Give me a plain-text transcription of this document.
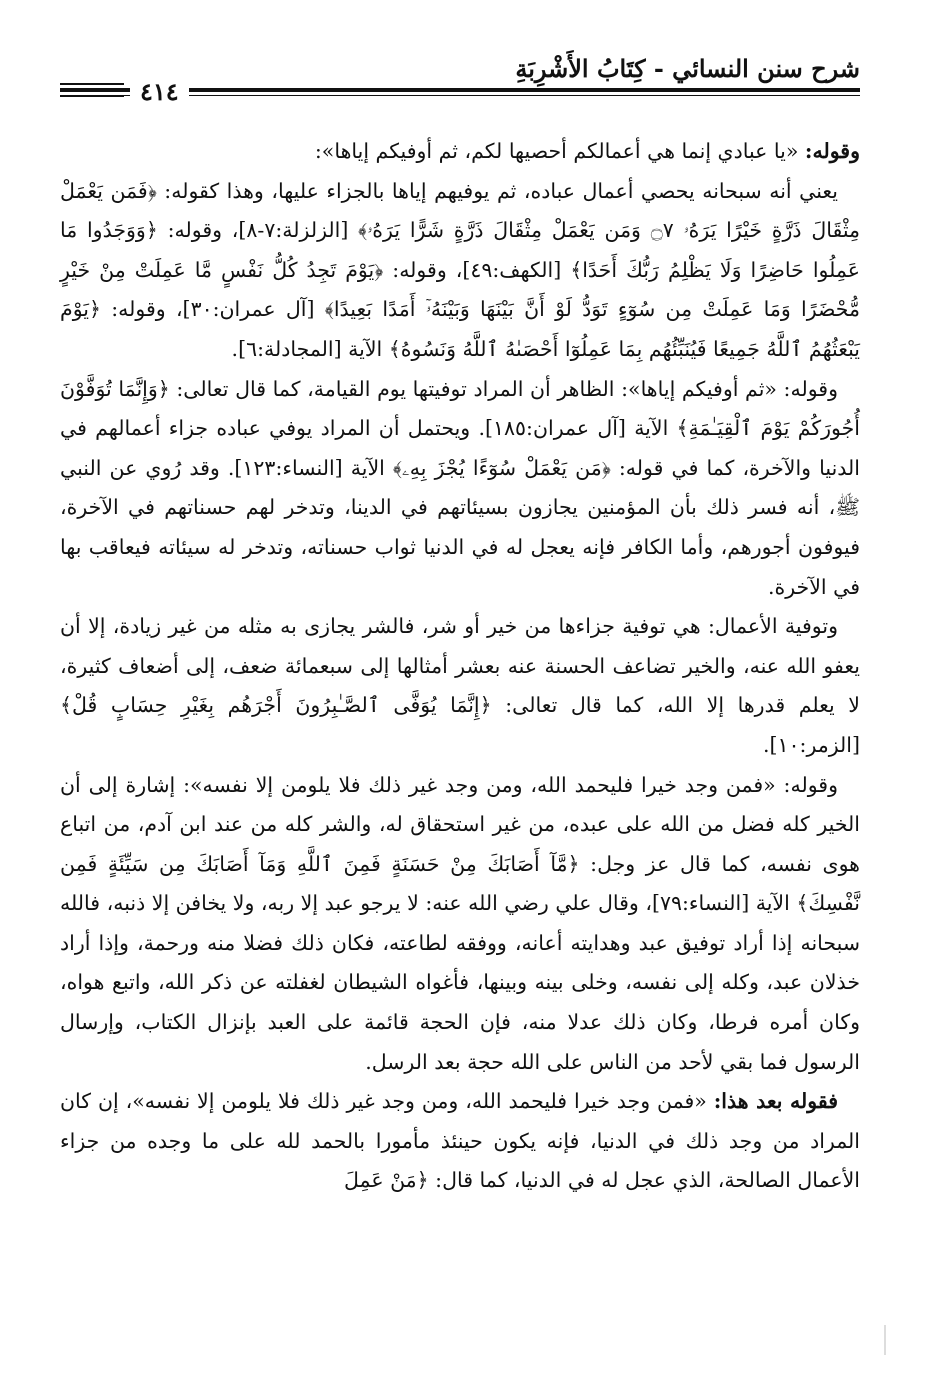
شرح سنن النسائي - كِتَابُ الأَشْرِبَةِ
٤١٤

وقوله: «يا عبادي إنما هي أعمالكم أحصيها لكم، ثم أوفيكم إياها»:

يعني أنه سبحانه يحصي أعمال عباده، ثم يوفيهم إياها بالجزاء عليها، وهذا كقوله: ﴿فَمَن يَعْمَلْ مِثْقَالَ ذَرَّةٍ خَيْرًا يَرَهُۥ ۝٧ وَمَن يَعْمَلْ مِثْقَالَ ذَرَّةٍ شَرًّا يَرَهُۥ﴾ [الزلزلة:٧-٨]، وقوله: ﴿وَوَجَدُوا مَا عَمِلُوا حَاضِرًا وَلَا يَظْلِمُ رَبُّكَ أَحَدًا﴾ [الكهف:٤٩]، وقوله: ﴿يَوْمَ تَجِدُ كُلُّ نَفْسٍ مَّا عَمِلَتْ مِنْ خَيْرٍ مُّحْضَرًا وَمَا عَمِلَتْ مِن سُوٓءٍ تَوَدُّ لَوْ أَنَّ بَيْنَهَا وَبَيْنَهُۥٓ أَمَدًا بَعِيدًا﴾ [آل عمران:٣٠]، وقوله: ﴿يَوْمَ يَبْعَثُهُمُ ٱللَّهُ جَمِيعًا فَيُنَبِّئُهُم بِمَا عَمِلُوٓا أَحْصَىٰهُ ٱللَّهُ وَنَسُوهُ﴾ الآية [المجادلة:٦].

وقوله: «ثم أوفيكم إياها»: الظاهر أن المراد توفيتها يوم القيامة، كما قال تعالى: ﴿وَإِنَّمَا تُوَفَّوْنَ أُجُورَكُمْ يَوْمَ ٱلْقِيَـٰمَةِ﴾ الآية [آل عمران:١٨٥]. ويحتمل أن المراد يوفي عباده جزاء أعمالهم في الدنيا والآخرة، كما في قوله: ﴿مَن يَعْمَلْ سُوٓءًا يُجْزَ بِهِۦ﴾ الآية [النساء:١٢٣]. وقد رُوي عن النبي ﷺ، أنه فسر ذلك بأن المؤمنين يجازون بسيئاتهم في الدينا، وتدخر لهم حسناتهم في الآخرة، فيوفون أجورهم، وأما الكافر فإنه يعجل له في الدنيا ثواب حسناته، وتدخر له سيئاته فيعاقب بها في الآخرة.

وتوفية الأعمال: هي توفية جزاءها من خير أو شر، فالشر يجازى به مثله من غير زيادة، إلا أن يعفو الله عنه، والخير تضاعف الحسنة عنه بعشر أمثالها إلى سبعمائة ضعف، إلى أضعاف كثيرة، لا يعلم قدرها إلا الله، كما قال تعالى: ﴿إِنَّمَا يُوَفَّى ٱلصَّـٰبِرُونَ أَجْرَهُم بِغَيْرِ حِسَابٍ قُلْ﴾ [الزمر:١٠].

وقوله: «فمن وجد خيرا فليحمد الله، ومن وجد غير ذلك فلا يلومن إلا نفسه»: إشارة إلى أن الخير كله فضل من الله على عبده، من غير استحقاق له، والشر كله من عند ابن آدم، من اتباع هوى نفسه، كما قال عز وجل: ﴿مَّآ أَصَابَكَ مِنْ حَسَنَةٍ فَمِنَ ٱللَّهِ وَمَآ أَصَابَكَ مِن سَيِّئَةٍ فَمِن نَّفْسِكَ﴾ الآية [النساء:٧٩]، وقال علي رضي الله عنه: لا يرجو عبد إلا ربه، ولا يخافن إلا ذنبه، فالله سبحانه إذا أراد توفيق عبد وهدايته أعانه، ووفقه لطاعته، فكان ذلك فضلا منه ورحمة، وإذا أراد خذلان عبد، وكله إلى نفسه، وخلى بينه وبينها، فأغواه الشيطان لغفلته عن ذكر الله، واتبع هواه، وكان أمره فرطا، وكان ذلك عدلا منه، فإن الحجة قائمة على العبد بإنزال الكتاب، وإرسال الرسول فما بقي لأحد من الناس على الله حجة بعد الرسل.

فقوله بعد هذا: «فمن وجد خيرا فليحمد الله، ومن وجد غير ذلك فلا يلومن إلا نفسه»، إن كان المراد من وجد ذلك في الدنيا، فإنه يكون حينئذ مأمورا بالحمد لله على ما وجده من جزاء الأعمال الصالحة، الذي عجل له في الدنيا، كما قال: ﴿مَنْ عَمِلَ
